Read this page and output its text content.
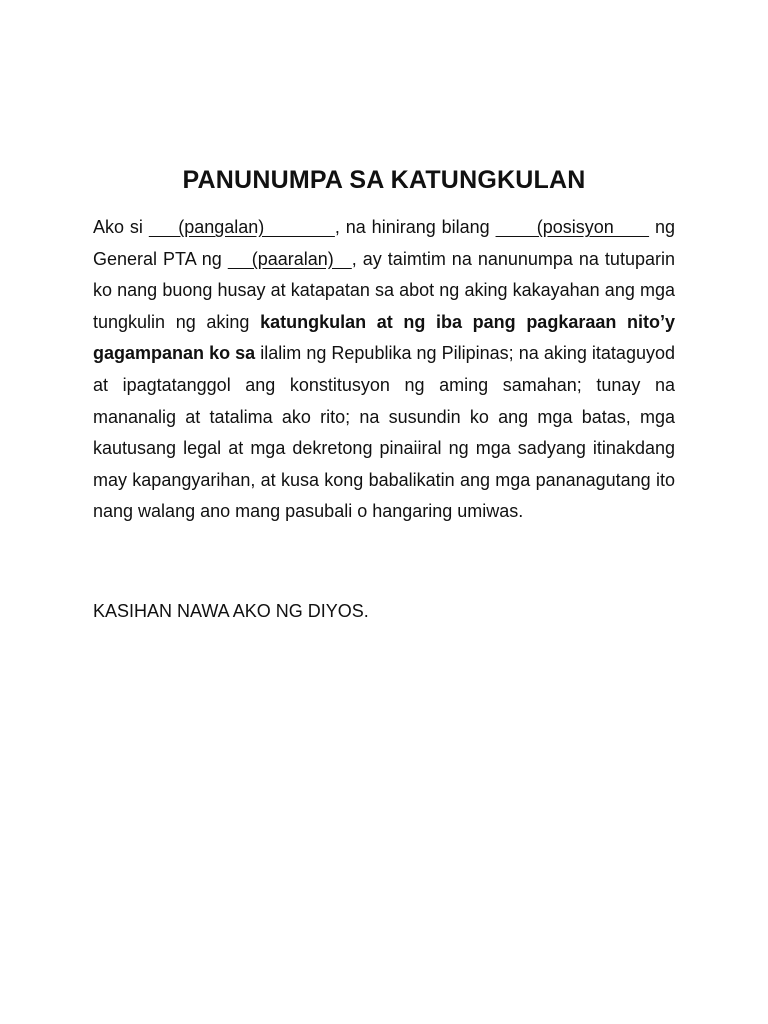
PANUNUMPA SA KATUNGKULAN

Ako si      (pangalan)            , na hinirang bilang        (posisyon       ng General PTA ng     (paaralan)   , ay taimtim na nanunumpa na tutuparin ko nang buong husay at katapatan sa abot ng aking kakayahan ang mga tungkulin ng aking katungkulan at ng iba pang pagkaraan nito’y gagampanan ko sa ilalim ng Republika ng Pilipinas; na aking itataguyod at ipagtatanggol ang konstitusyon ng aming samahan; tunay na mananalig at tatalima ako rito; na susundin ko ang mga batas, mga kautusang legal at mga dekretong pinaiiral ng mga sadyang itinakdang may kapangyarihan, at kusa kong babalikatin ang mga pananagutang ito nang walang ano mang pasubali o hangaring umiwas.

KASIHAN NAWA AKO NG DIYOS.
